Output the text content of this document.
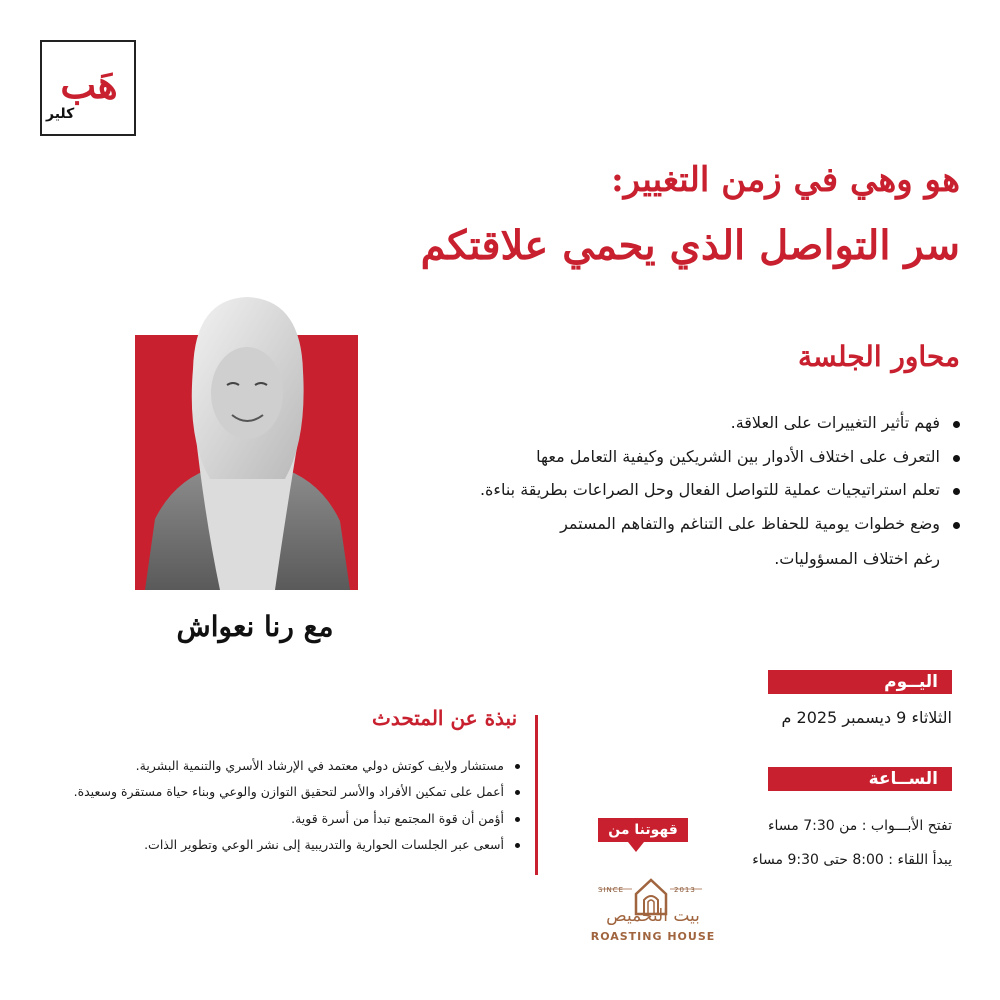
هَب
كلير
هو وهي في زمن التغيير:
سر التواصل الذي يحمي علاقتكم
مع رنا نعواش
محاور الجلسة
فهم تأثير التغييرات على العلاقة.
التعرف على اختلاف الأدوار بين الشريكين وكيفية التعامل معها
تعلم استراتيجيات عملية للتواصل الفعال وحل الصراعات بطريقة بناءة.
وضع خطوات يومية للحفاظ على التناغم والتفاهم المستمر
رغم اختلاف المسؤوليات.
اليــوم
الثلاثاء 9 ديسمبر 2025 م
الســاعة
تفتح الأبـــواب : من 7:30 مساء
يبدأ اللقاء : 8:00 حتى 9:30 مساء
نبذة عن المتحدث
مستشار ولايف كوتش دولي معتمد في الإرشاد الأسري والتنمية البشرية.
أعمل على تمكين الأفراد والأسر لتحقيق التوازن والوعي وبناء حياة مستقرة وسعيدة.
أؤمن أن قوة المجتمع تبدأ من أسرة قوية.
أسعى عبر الجلسات الحوارية والتدريبية إلى نشر الوعي وتطوير الذات.
قهوتنا من
SINCE	2013
بيت التحميص
ROASTING HOUSE
